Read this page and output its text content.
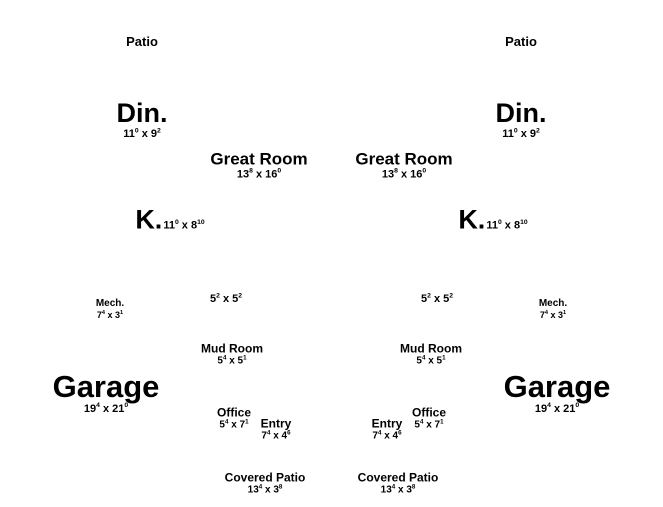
Patio
Din.
$11^0$ x $9^2$
Great Room
$13^8$ x $16^0$
$K.11^0$ x $8^{10}$
$5^2$ x $5^2$
Mech.
$7^4$ x $3^1$
Mud Room
$5^4$ x $5^1$
Garage
$19^4$ x $21^0$	Office
$5^4$ x $7^1$ Entry
$7^4$ x $4^6$
Covered Patio
$13^4$ x $3^8$
Patio
Din.
$11^0$ x $9^2$
Great Room
$13^8$ x $16^0$
$K.11^0$ x $8^{10}$
$5^2$ x $5^2$
Mech.
$7^4$ x $3^1$
Mud Room
$5^4$ x $5^1$
Garage
$19^4$ x $21^0$
Office
$5^4$ x $7^1$
Entry
$7^4$ x $4^6$
Covered Patio
$13^4$ x $3^8$
